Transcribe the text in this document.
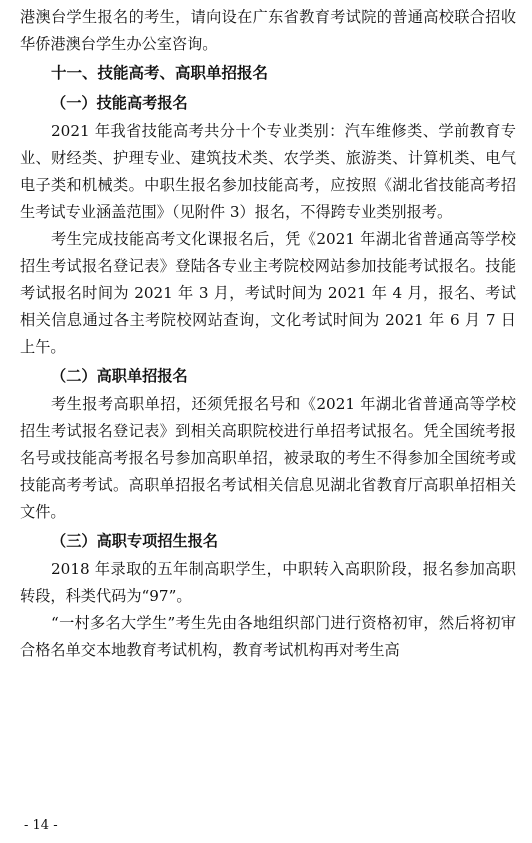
港澳台学生报名的考生，请向设在广东省教育考试院的普通高校联合招收华侨港澳台学生办公室咨询。

十一、技能高考、高职单招报名
（一）技能高考报名

2021 年我省技能高考共分十个专业类别：汽车维修类、学前教育专业、财经类、护理专业、建筑技术类、农学类、旅游类、计算机类、电气电子类和机械类。中职生报名参加技能高考，应按照《湖北省技能高考招生考试专业涵盖范围》（见附件 3）报名，不得跨专业类别报考。

考生完成技能高考文化课报名后，凭《2021 年湖北省普通高等学校招生考试报名登记表》登陆各专业主考院校网站参加技能考试报名。技能考试报名时间为 2021 年 3 月，考试时间为 2021 年 4 月，报名、考试相关信息通过各主考院校网站查询，文化考试时间为 2021 年 6 月 7 日上午。

（二）高职单招报名

考生报考高职单招，还须凭报名号和《2021 年湖北省普通高等学校招生考试报名登记表》到相关高职院校进行单招考试报名。凭全国统考报名号或技能高考报名号参加高职单招，被录取的考生不得参加全国统考或技能高考考试。高职单招报名考试相关信息见湖北省教育厅高职单招相关文件。

（三）高职专项招生报名

2018 年录取的五年制高职学生，中职转入高职阶段，报名参加高职转段，科类代码为“97”。

“一村多名大学生”考生先由各地组织部门进行资格初审，然后将初审合格名单交本地教育考试机构，教育考试机构再对考生高

- 14 -
